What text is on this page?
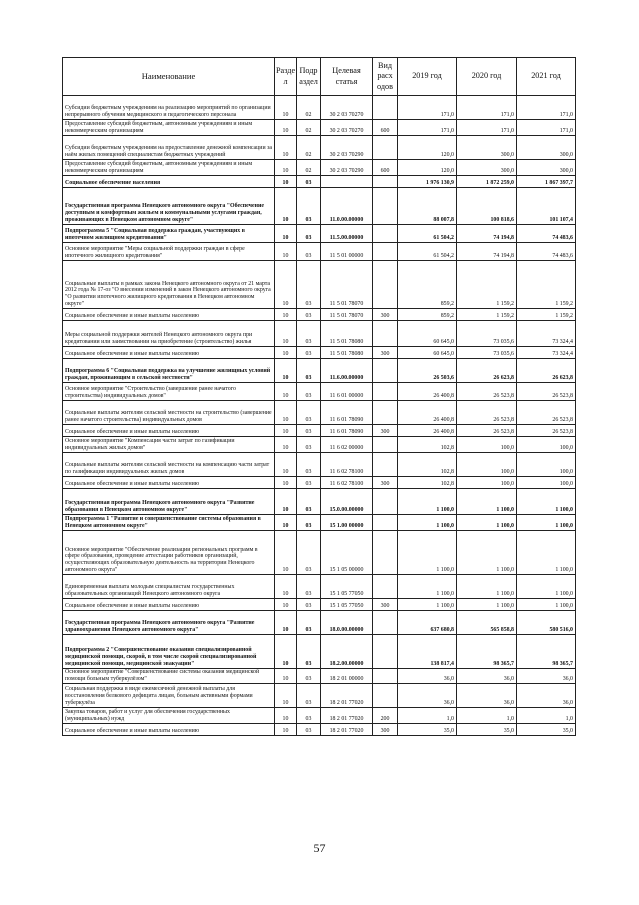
Наименование	Разде л	Подр аздел	Целевая статья	Вид расх одов	2019 год	2020 год	2021 год
Субсидии бюджетным учреждениям на реализацию мероприятий по организации непрерывного обучения медицинского и педагогического персонала	10	02	30 2 03 70270		171,0	171,0	171,0
Предоставление субсидий бюджетным, автономным учреждениям и иным некоммерческим организациям	10	02	30 2 03 70270	600	171,0	171,0	171,0
Субсидии бюджетным учреждениям на предоставление денежной компенсации за наём жилых помещений специалистам бюджетных учреждений	10	02	30 2 03 70290		120,0	300,0	300,0
Предоставление субсидий бюджетным, автономным учреждениям и иным некоммерческим организациям	10	02	30 2 03 70290	600	120,0	300,0	300,0
Социальное обеспечение населения	10	03			1 976 130,9	1 872 259,0	1 867 397,7
Государственная программа Ненецкого автономного округа "Обеспечение доступным и комфортным жильем и коммунальными услугами граждан, проживающих в Ненецком автономном округе"	10	03	11.0.00.00000		88 007,8	100 818,6	101 107,4
Подпрограмма 5 "Социальная поддержка граждан, участвующих в ипотечном жилищном кредитовании"	10	03	11.5.00.00000		61 504,2	74 194,8	74 483,6
Основное мероприятие "Меры социальной поддержки граждан в сфере ипотечного жилищного кредитования"	10	03	11 5 01 00000		61 504,2	74 194,8	74 483,6
Социальные выплаты в рамках закона Ненецкого автономного округа от 21 марта 2012 года № 17-оз "О внесении изменений в закон Ненецкого автономного округа "О развитии ипотечного жилищного кредитования в Ненецком автономном округе"	10	03	11 5 01 78070		859,2	1 159,2	1 159,2
Социальное обеспечение и иные выплаты населению	10	03	11 5 01 78070	300	859,2	1 159,2	1 159,2
Меры социальной поддержки жителей Ненецкого автономного округа при кредитовании или заимствовании на приобретение (строительство) жилья	10	03	11 5 01 78080		60 645,0	73 035,6	73 324,4
Социальное обеспечение и иные выплаты населению	10	03	11 5 01 78080	300	60 645,0	73 035,6	73 324,4
Подпрограмма 6 "Социальная поддержка на улучшение жилищных условий граждан, проживающим в сельской местности"	10	03	11.6.00.00000		26 503,6	26 623,8	26 623,8
Основное мероприятие "Строительство (завершение ранее начатого строительства) индивидуальных домов"	10	03	11 6 01 00000		26 400,8	26 523,8	26 523,8
Социальные выплаты жителям сельской местности на строительство (завершение ранее начатого строительства) индивидуальных домов	10	03	11 6 01 78090		26 400,8	26 523,8	26 523,8
Социальное обеспечение и иные выплаты населению	10	03	11 6 01 78090	300	26 400,8	26 523,8	26 523,8
Основное мероприятие "Компенсация части затрат по газификации индивидуальных жилых домов"	10	03	11 6 02 00000		102,8	100,0	100,0
Социальные выплаты жителям сельской местности на компенсацию части затрат по газификации индивидуальных жилых домов	10	03	11 6 02 78100		102,8	100,0	100,0
Социальное обеспечение и иные выплаты населению	10	03	11 6 02 78100	300	102,8	100,0	100,0
Государственная программа Ненецкого автономного округа "Развитие образования в Ненецком автономном округе"	10	03	15.0.00.00000		1 100,0	1 100,0	1 100,0
Подпрограмма 1 "Развитие и совершенствование системы образования в Ненецком автономном округе"	10	03	15 1.00 00000		1 100,0	1 100,0	1 100,0
Основное мероприятие "Обеспечение реализации региональных программ в сфере образования, проведение аттестации работников организаций, осуществляющих образовательную деятельность на территории Ненецкого автономного округа"	10	03	15 1 05 00000		1 100,0	1 100,0	1 100,0
Единовременная выплата молодым специалистам государственных образовательных организаций Ненецкого автономного округа	10	03	15 1 05 77050		1 100,0	1 100,0	1 100,0
Социальное обеспечение и иные выплаты населению	10	03	15 1 05 77050	300	1 100,0	1 100,0	1 100,0
Государственная программа Ненецкого автономного округа "Развитие здравоохранения Ненецкого автономного округа"	10	03	18.0.00.00000		637 680,8	565 858,8	580 516,0
Подпрограмма 2 "Совершенствование оказания специализированной медицинской помощи, скорой, в том числе скорой специализированной медицинской помощи, медицинской эвакуации"	10	03	18.2.00.00000		138 817,4	98 365,7	98 365,7
Основное мероприятие "Совершенствование системы оказания медицинской помощи больным туберкулёзом"	10	03	18 2 01 00000		36,0	36,0	36,0
Социальная поддержка в виде ежемесячной денежной выплаты для восстановления белкового дефицита лицам, больным активными формами туберкулёза	10	03	18 2 01 77020		36,0	36,0	36,0
Закупка товаров, работ и услуг для обеспечения государственных (муниципальных) нужд	10	03	18 2 01 77020	200	1,0	1,0	1,0
Социальное обеспечение и иные выплаты населению	10	03	18 2 01 77020	300	35,0	35,0	35,0
57
